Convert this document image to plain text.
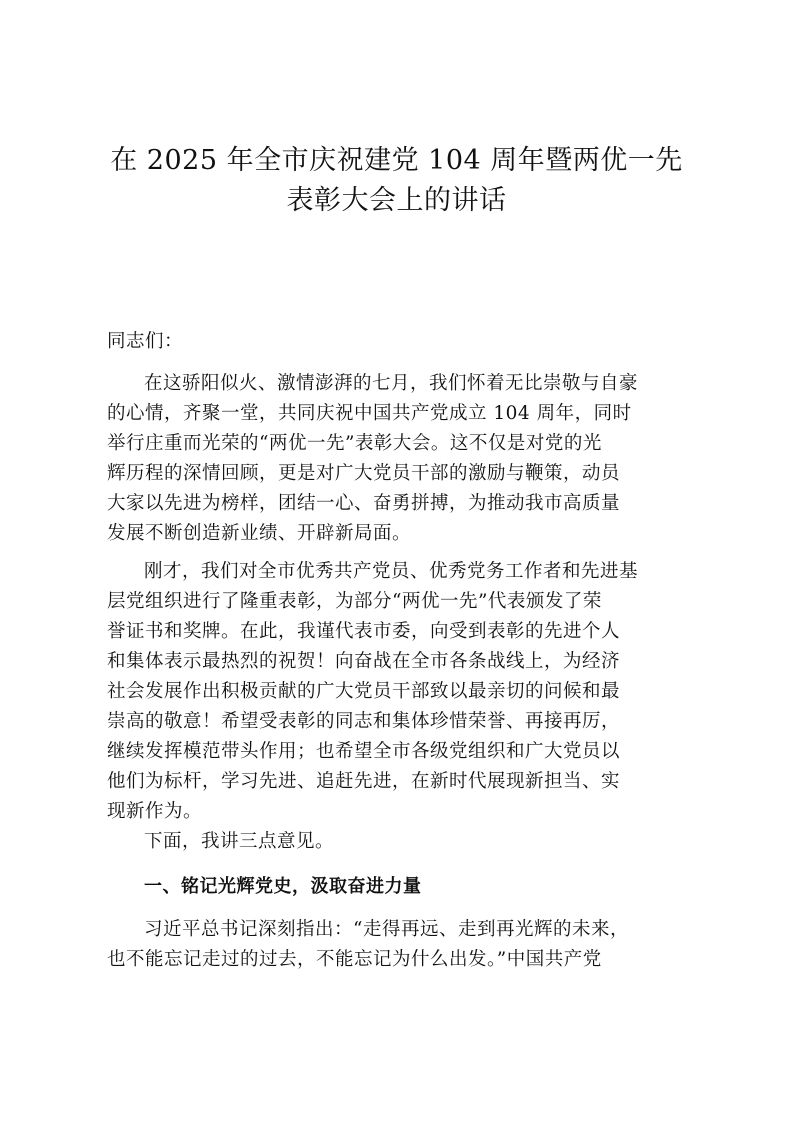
在 2025 年全市庆祝建党 104 周年暨两优一先
表彰大会上的讲话

同志们：

在这骄阳似火、激情澎湃的七月，我们怀着无比崇敬与自豪
的心情，齐聚一堂，共同庆祝中国共产党成立 104 周年，同时
举行庄重而光荣的“两优一先”表彰大会。这不仅是对党的光
辉历程的深情回顾，更是对广大党员干部的激励与鞭策，动员
大家以先进为榜样，团结一心、奋勇拼搏，为推动我市高质量
发展不断创造新业绩、开辟新局面。

刚才，我们对全市优秀共产党员、优秀党务工作者和先进基
层党组织进行了隆重表彰，为部分“两优一先”代表颁发了荣
誉证书和奖牌。在此，我谨代表市委，向受到表彰的先进个人
和集体表示最热烈的祝贺！向奋战在全市各条战线上，为经济
社会发展作出积极贡献的广大党员干部致以最亲切的问候和最
崇高的敬意！希望受表彰的同志和集体珍惜荣誉、再接再厉，
继续发挥模范带头作用；也希望全市各级党组织和广大党员以
他们为标杆，学习先进、追赶先进，在新时代展现新担当、实
现新作为。

下面，我讲三点意见。

一、铭记光辉党史，汲取奋进力量

习近平总书记深刻指出：“走得再远、走到再光辉的未来，
也不能忘记走过的过去，不能忘记为什么出发。”中国共产党
